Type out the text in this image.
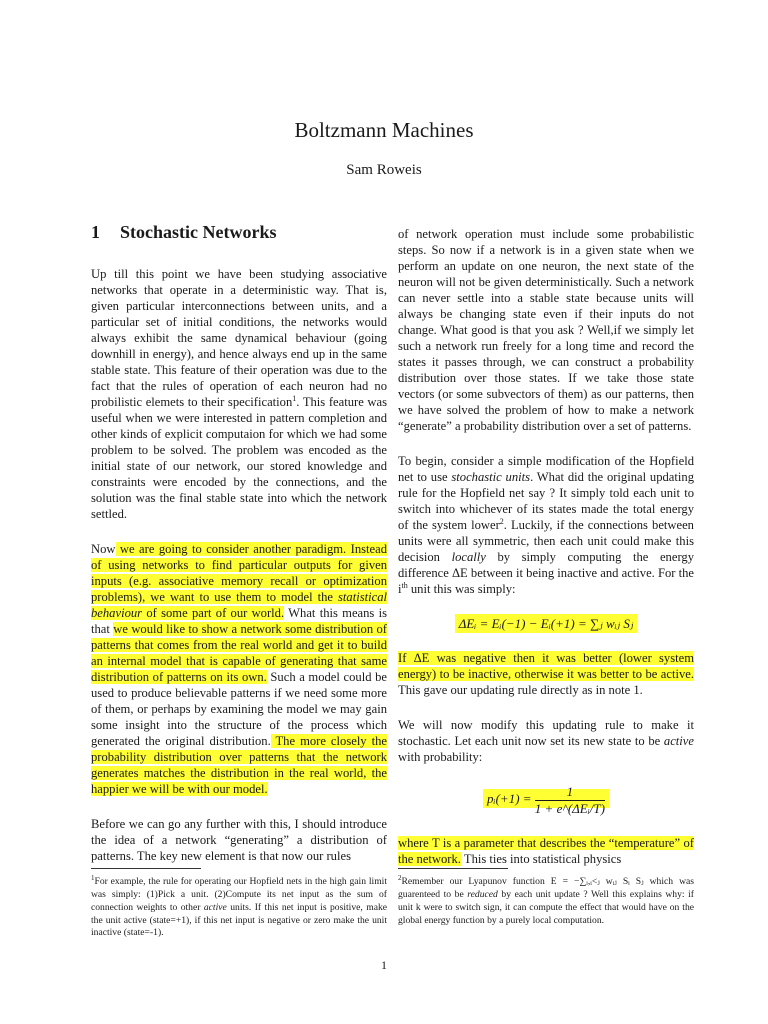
Boltzmann Machines
Sam Roweis
1 Stochastic Networks

Up till this point we have been studying associative networks that operate in a deterministic way. That is, given particular interconnections between units, and a particular set of initial conditions, the networks would always exhibit the same dynamical behaviour (going downhill in energy), and hence always end up in the same stable state. This feature of their operation was due to the fact that the rules of operation of each neuron had no probilistic elemets to their specification$^1$. This feature was useful when we were interested in pattern completion and other kinds of explicit computaion for which we had some problem to be solved. The problem was encoded as the initial state of our network, our stored knowledge and constraints were encoded by the connections, and the solution was the final stable state into which the network settled.

Now we are going to consider another paradigm. Instead of using networks to find particular outputs for given inputs (e.g. associative memory recall or optimization problems), we want to use them to model the statistical behaviour of some part of our world. What this means is that we would like to show a network some distribution of patterns that comes from the real world and get it to build an internal model that is capable of generating that same distribution of patterns on its own. Such a model could be used to produce believable patterns if we need some more of them, or perhaps by examining the model we may gain some insight into the structure of the process which generated the original distribution. The more closely the probability distribution over patterns that the network generates matches the distribution in the real world, the happier we will be with our model.

Before we can go any further with this, I should introduce the idea of a network “generating” a distribution of patterns. The key new element is that now our rules

of network operation must include some probabilistic steps. So now if a network is in a given state when we perform an update on one neuron, the next state of the neuron will not be given deterministically. Such a network can never settle into a stable state because units will always be changing state even if their inputs do not change. What good is that you ask ? Well,if we simply let such a network run freely for a long time and record the states it passes through, we can construct a probability distribution over those states. If we take those state vectors (or some subvectors of them) as our patterns, then we have solved the problem of how to make a network “generate” a probability distribution over a set of patterns.

To begin, consider a simple modification of the Hopfield net to use stochastic units. What did the original updating rule for the Hopfield net say ? It simply told each unit to switch into whichever of its states made the total energy of the system lower$^2$. Luckily, if the connections between units were all symmetric, then each unit could make this decision locally by simply computing the energy difference ΔE between it being inactive and active. For the $i^{th}$ unit this was simply:

ΔEᵢ = Eᵢ(−1) − Eᵢ(+1) = ∑ⱼ wᵢⱼ Sⱼ

If ΔE was negative then it was better (lower system energy) to be inactive, otherwise it was better to be active. This gave our updating rule directly as in note 1.

We will now modify this updating rule to make it stochastic. Let each unit now set its new state to be active with probability:

pᵢ(+1) = $\frac{1}{\text{1 + e\textasciicircum{}(ΔEᵢ/T)}}$

where T is a parameter that describes the “temperature” of the network. This ties into statistical physics

$^1$For example, the rule for operating our Hopfield nets in the high gain limit was simply: (1)Pick a unit. (2)Compute its net input as the sum of connection weights to other active units. If this net input is positive, make the unit active (state=+1), if this net input is negative or zero make the unit inactive (state=-1).

$^2$Remember our Lyapunov function E = −∑ᵢ,ᵢ<ⱼ wᵢⱼ Sᵢ Sⱼ which was guarenteed to be reduced by each unit update ? Well this explains why: if unit k were to switch sign, it can compute the effect that would have on the global energy function by a purely local computation.

1
